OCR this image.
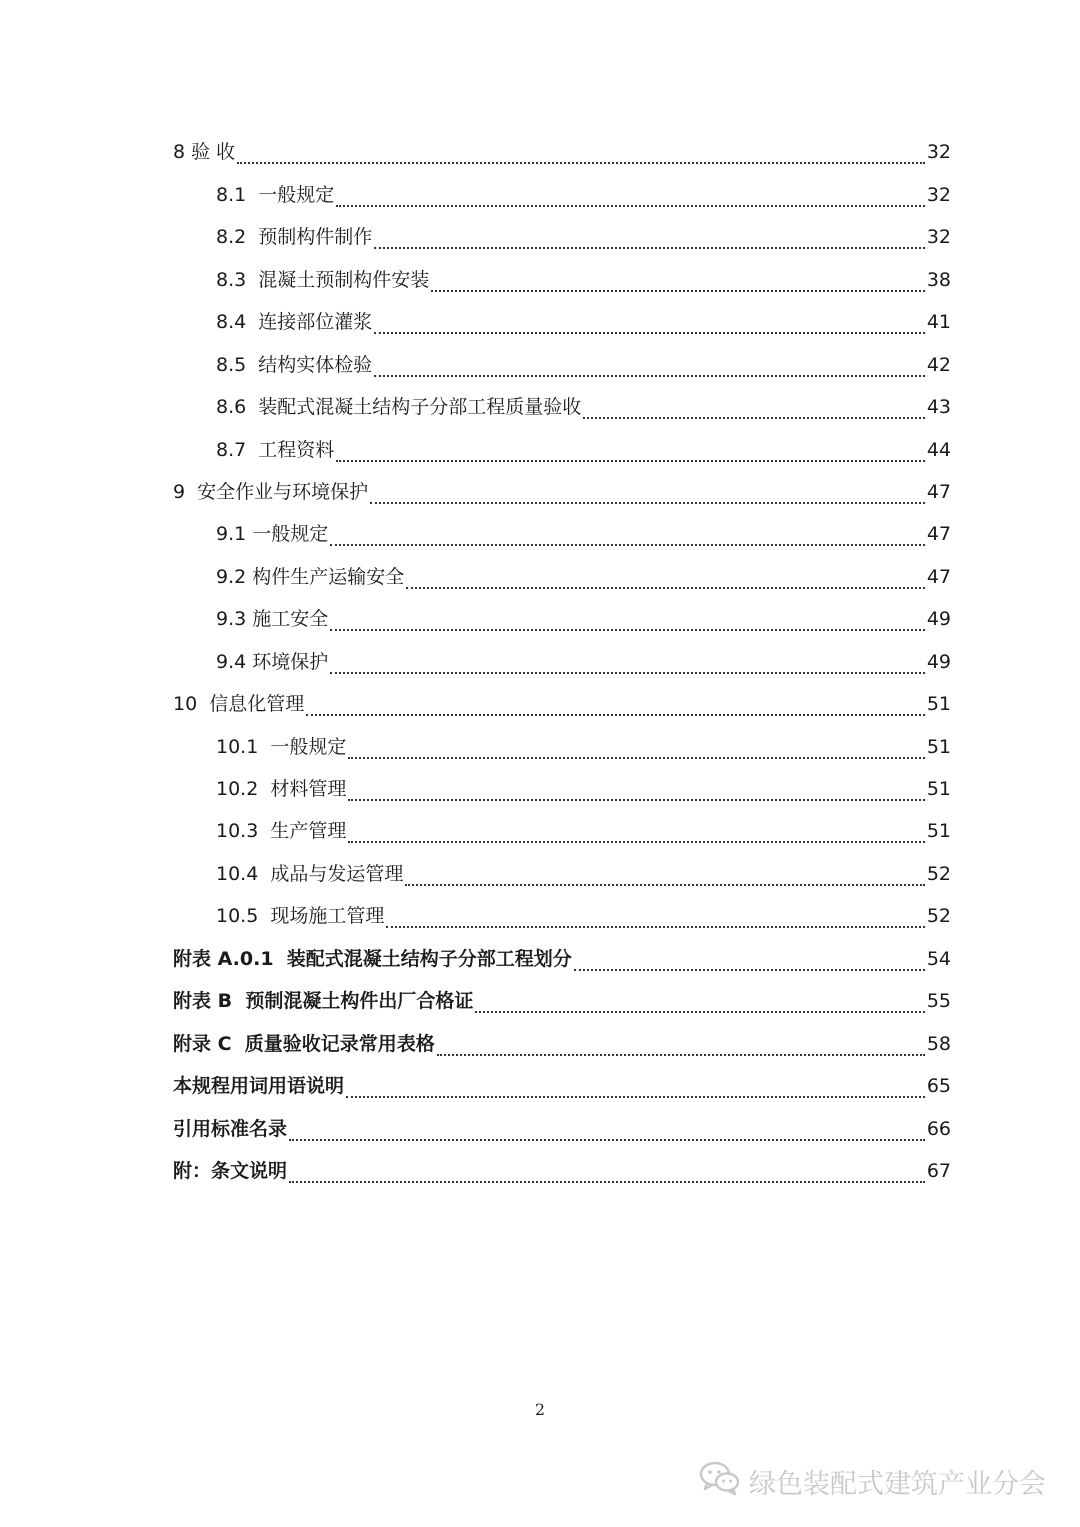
8 验 收	32
8.1  一般规定	32
8.2  预制构件制作	32
8.3  混凝土预制构件安装	38
8.4  连接部位灌浆	41
8.5  结构实体检验	42
8.6  装配式混凝土结构子分部工程质量验收	43
8.7  工程资料	44
9  安全作业与环境保护	47
9.1 一般规定	47
9.2 构件生产运输安全	47
9.3 施工安全	49
9.4 环境保护	49
10  信息化管理	51
10.1  一般规定	51
10.2  材料管理	51
10.3  生产管理	51
10.4  成品与发运管理	52
10.5  现场施工管理	52
附表 A.0.1  装配式混凝土结构子分部工程划分	54
附表 B  预制混凝土构件出厂合格证	55
附录 C  质量验收记录常用表格	58
本规程用词用语说明	65
引用标准名录	66
附：条文说明	67
2
绿色装配式建筑产业分会
